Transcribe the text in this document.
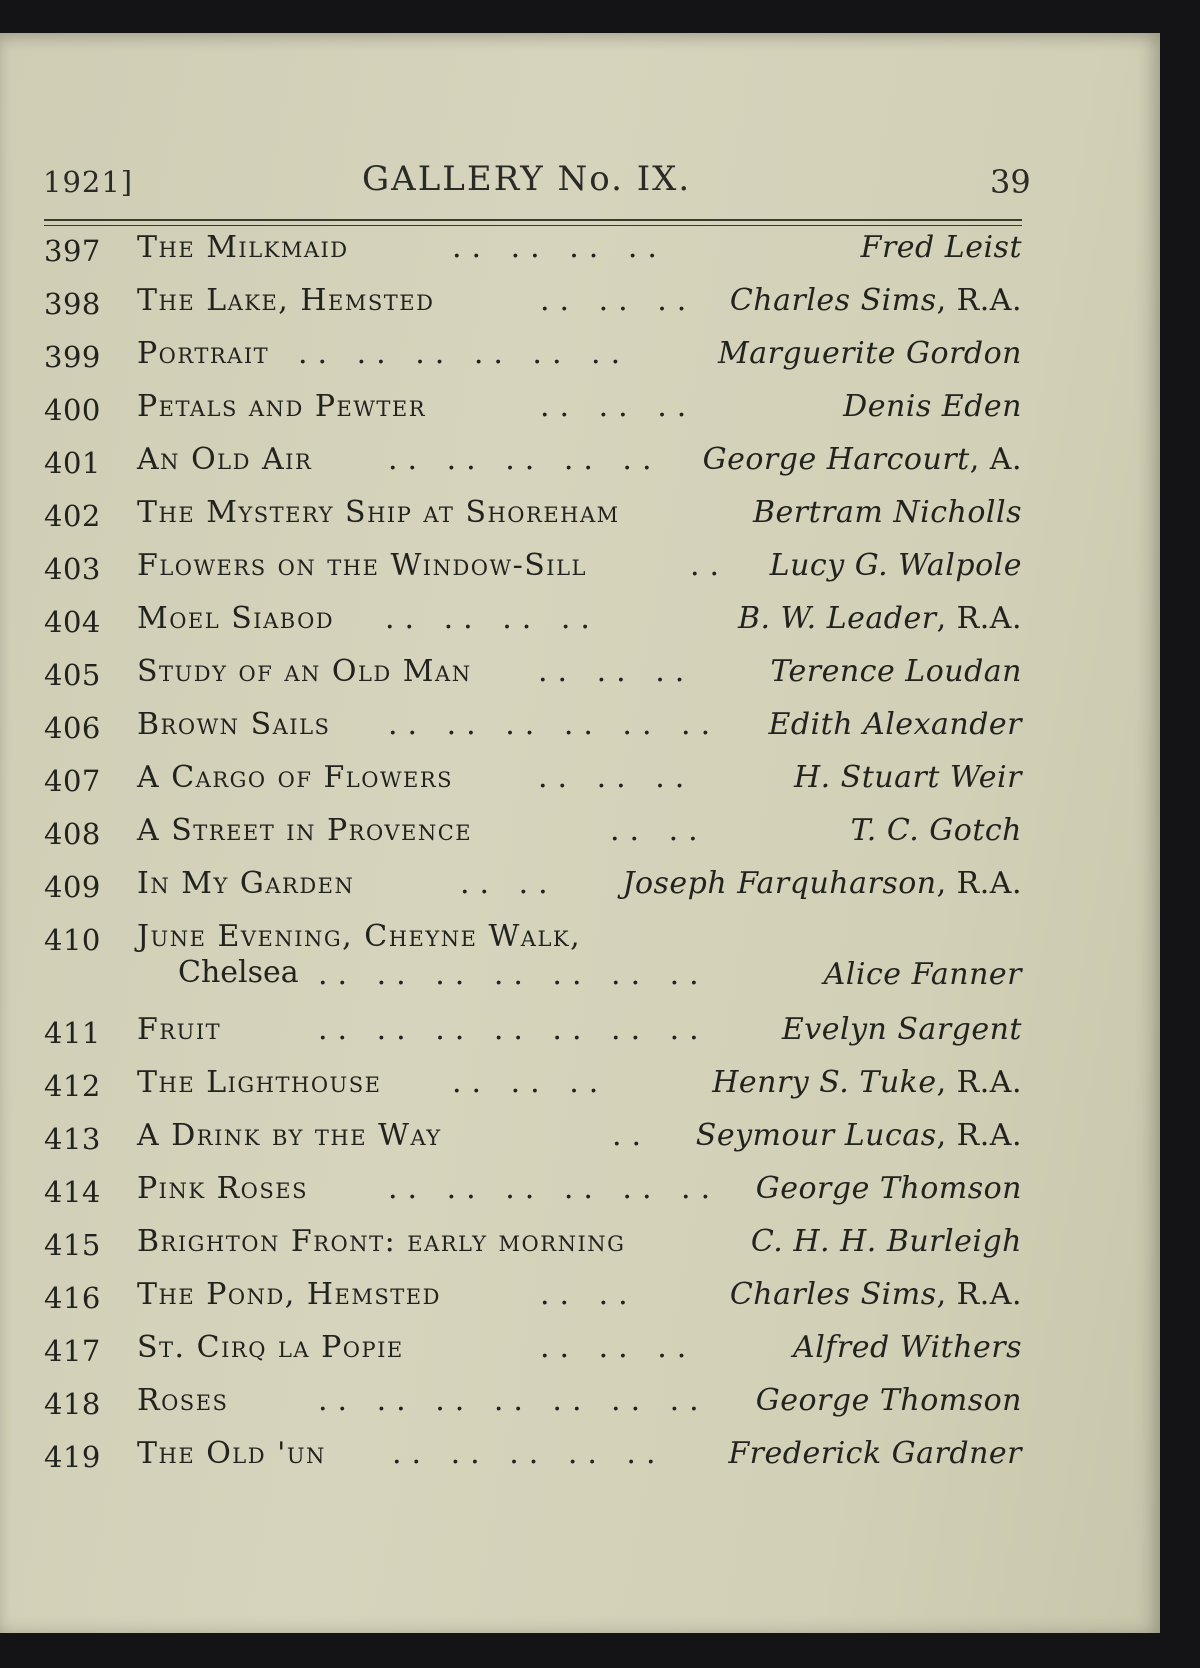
1921]	GALLERY No. IX.	39
397 The Milkmaid	.. .. .. ..	Fred Leist
398 The Lake, Hemsted	.. .. .. Charles Sims, R.A.
399 Portrait .. .. .. .. .. ..	Marguerite Gordon
400 Petals and Pewter	.. .. ..	Denis Eden
401 An Old Air	.. .. .. .. .. George Harcourt, A.
402 The Mystery Ship at Shoreham	Bertram Nicholls
403 Flowers on the Window-Sill	.. Lucy G. Walpole
404 Moel Siabod .. .. .. ..	B. W. Leader, R.A.
405 Study of an Old Man .. .. ..	Terence Loudan
406 Brown Sails .. .. .. .. .. .. Edith Alexander
407 A Cargo of Flowers	.. .. ..	H. Stuart Weir
408 A Street in Provence	.. ..	T. C. Gotch
409 In My Garden	.. .. Joseph Farquharson, R.A.
410 June Evening, Cheyne Walk,
Chelsea .. .. .. .. .. .. ..	Alice Fanner
411 Fruit	.. .. .. .. .. .. .. Evelyn Sargent
412 The Lighthouse .. .. ..	Henry S. Tuke, R.A.
413 A Drink by the Way	.. Seymour Lucas, R.A.
414 Pink Roses	.. .. .. .. .. .. George Thomson
415 Brighton Front: early morning	C. H. H. Burleigh
416 The Pond, Hemsted	.. ..	Charles Sims, R.A.
417 St. Cirq la Popie	.. .. ..	Alfred Withers
418 Roses	.. .. .. .. .. .. .. George Thomson
419 The Old 'un .. .. .. .. .. Frederick Gardner
